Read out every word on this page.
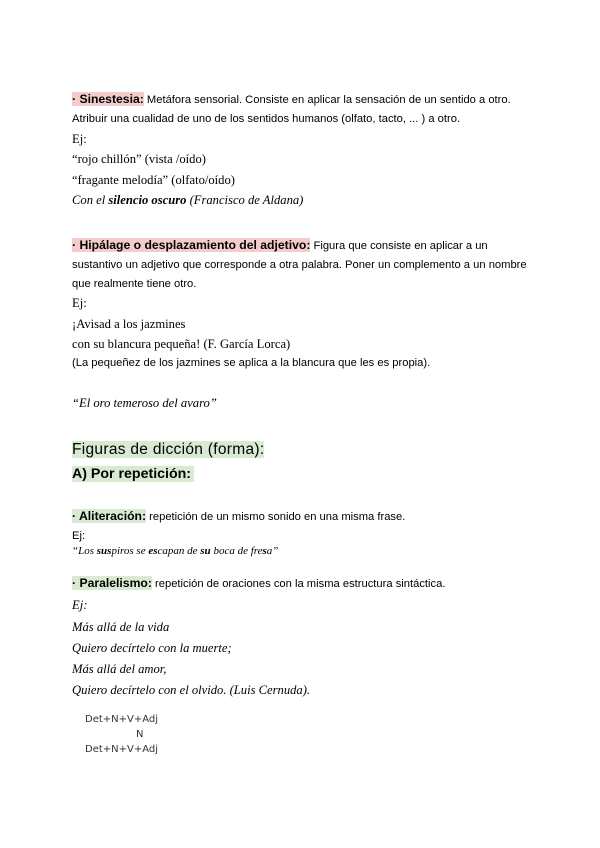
· Sinestesia: Metáfora sensorial. Consiste en aplicar la sensación de un sentido a otro.
Atribuir una cualidad de uno de los sentidos humanos (olfato, tacto, ... ) a otro.
Ej:
“rojo chillón” (vista /oído)
“fragante melodía” (olfato/oído)
Con el silencio oscuro (Francisco de Aldana)
· Hipálage o desplazamiento del adjetivo: Figura que consiste en aplicar a un
sustantivo un adjetivo que corresponde a otra palabra. Poner un complemento a un nombre
que realmente tiene otro.
Ej:
¡Avisad a los jazmines
con su blancura pequeña! (F. García Lorca)
(La pequeñez de los jazmines se aplica a la blancura que les es propia).
“El oro temeroso del avaro”
Figuras de dicción (forma):
A) Por repetición:
· Aliteración: repetición de un mismo sonido en una misma frase.
Ej:
“Los suspiros se escapan de su boca de fresa”
· Paralelismo: repetición de oraciones con la misma estructura sintáctica.
Ej:
Más allá de la vida
Quiero decírtelo con la muerte;
Más allá del amor,
Quiero decírtelo con el olvido. (Luis Cernuda).
Det+N+V+Adj
N
Det+N+V+Adj
